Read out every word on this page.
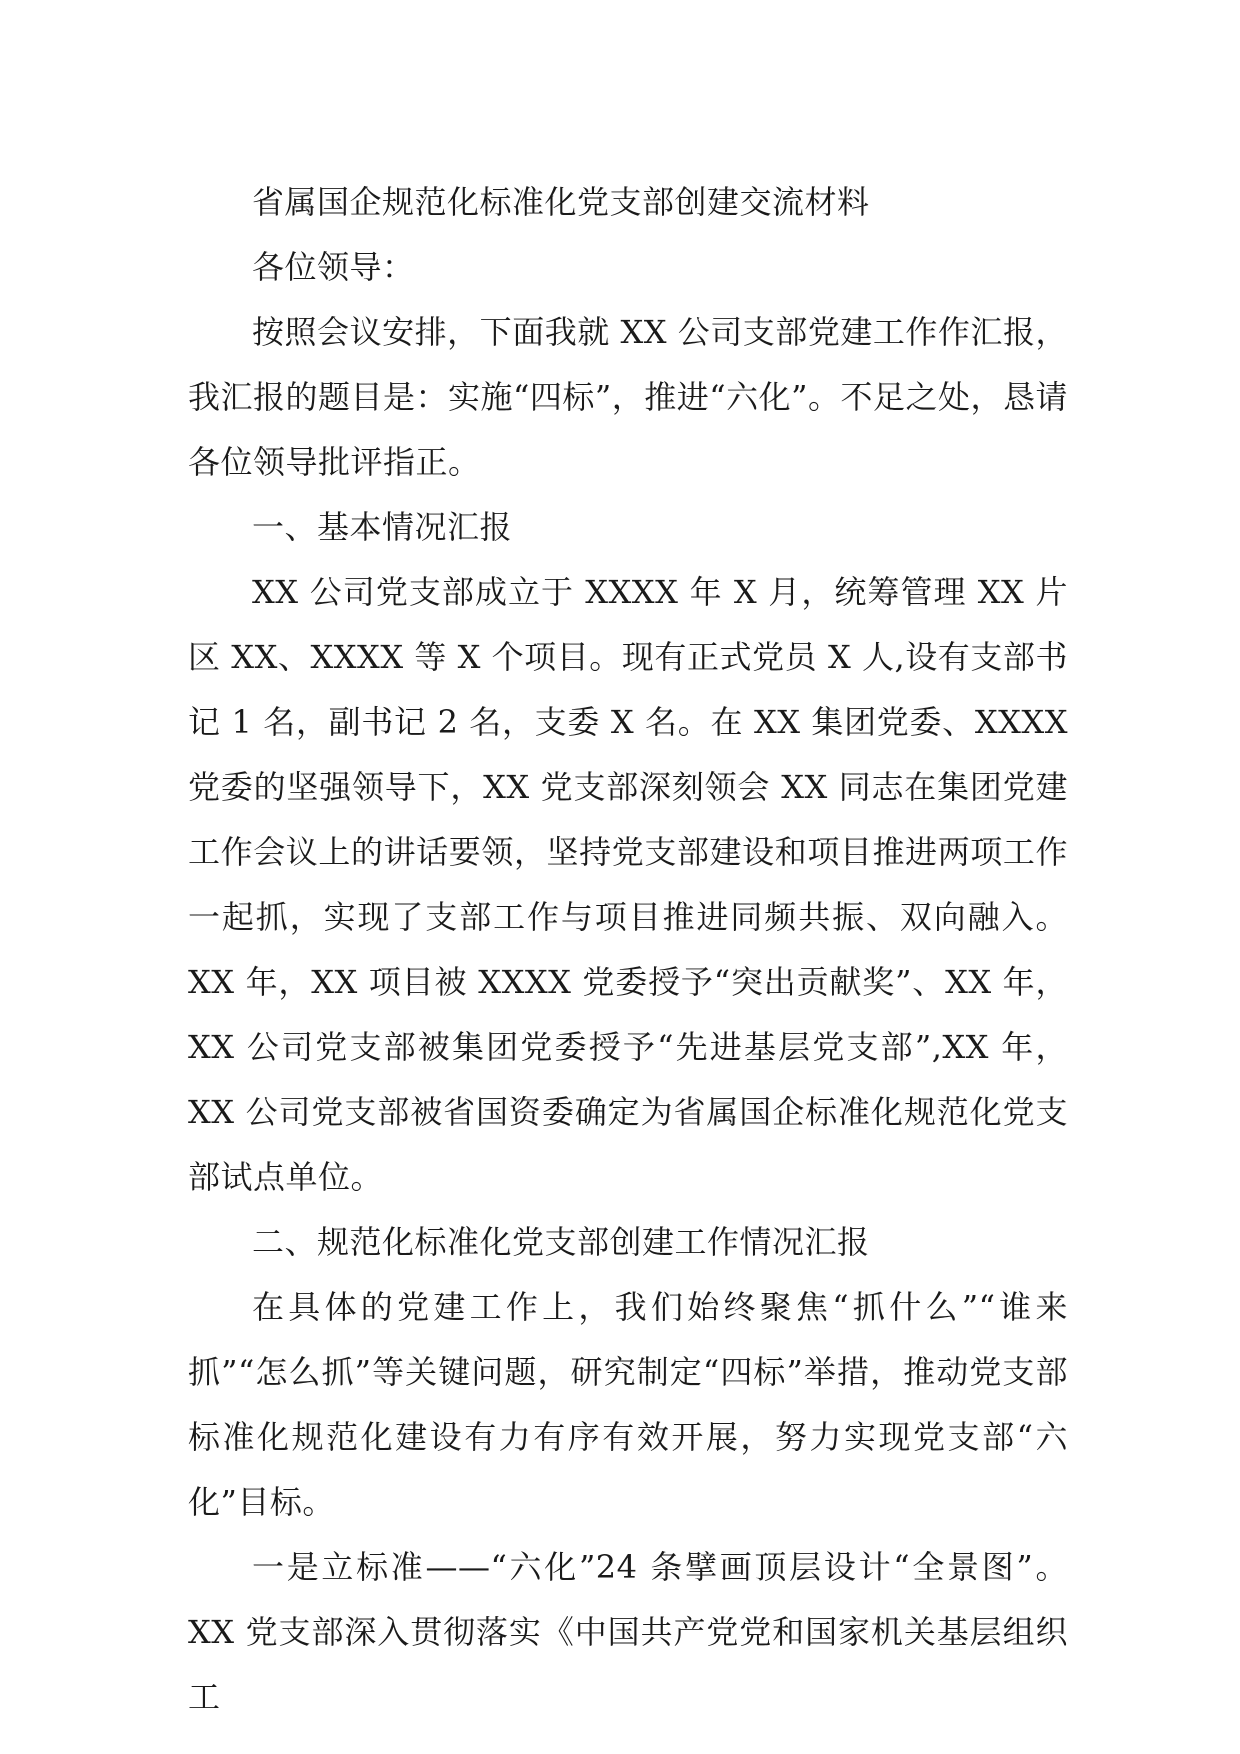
省属国企规范化标准化党支部创建交流材料

各位领导：

按照会议安排，下面我就 XX 公司支部党建工作作汇报，我汇报的题目是：实施“四标”，推进“六化”。不足之处，恳请各位领导批评指正。

一、基本情况汇报

XX 公司党支部成立于 XXXX 年 X 月，统筹管理 XX 片区 XX、XXXX 等 X 个项目。现有正式党员 X 人,设有支部书记 1 名，副书记 2 名，支委 X 名。在 XX 集团党委、XXXX 党委的坚强领导下，XX 党支部深刻领会 XX 同志在集团党建工作会议上的讲话要领，坚持党支部建设和项目推进两项工作一起抓，实现了支部工作与项目推进同频共振、双向融入。XX 年，XX 项目被 XXXX 党委授予“突出贡献奖”、XX 年，XX 公司党支部被集团党委授予“先进基层党支部”,XX 年，XX 公司党支部被省国资委确定为省属国企标准化规范化党支部试点单位。

二、规范化标准化党支部创建工作情况汇报

在具体的党建工作上，我们始终聚焦“抓什么”“谁来抓”“怎么抓”等关键问题，研究制定“四标”举措，推动党支部标准化规范化建设有力有序有效开展，努力实现党支部“六化”目标。

一是立标准——“六化”24 条擘画顶层设计“全景图”。XX 党支部深入贯彻落实《中国共产党党和国家机关基层组织工
